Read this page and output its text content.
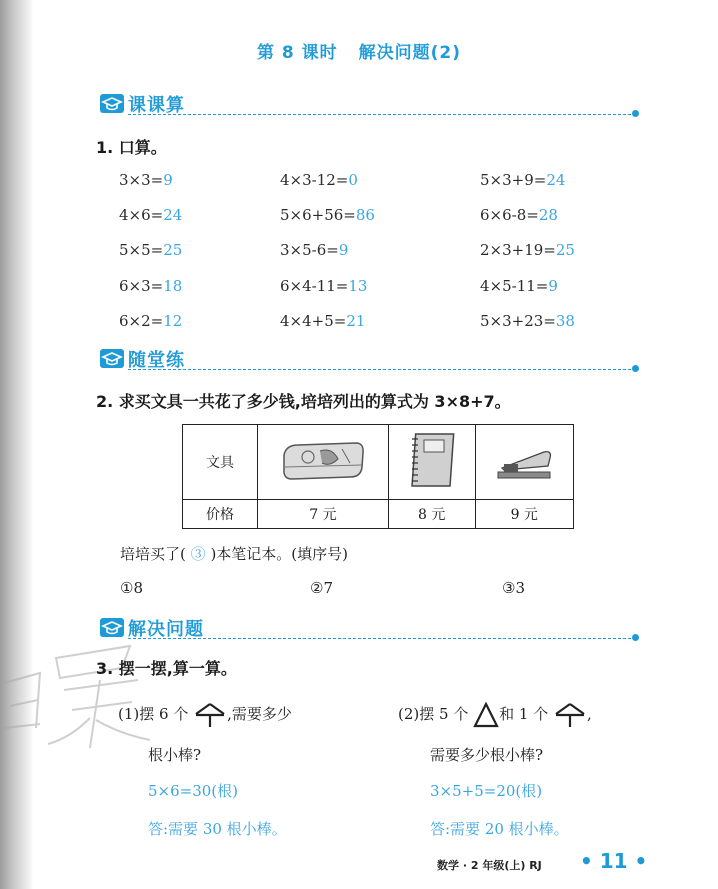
第 8 课时 解决问题(2)
课课算
1. 口算。
3×3=9	4×3-12=0	5×3+9=24
4×6=24	5×6+56=86	6×6-8=28
5×5=25	3×5-6=9	2×3+19=25
6×3=18	6×4-11=13	4×5-11=9
6×2=12	4×4+5=21	5×3+23=38
随堂练
2. 求买文具一共花了多少钱,培培列出的算式为 3×8+7。
文具			
价格	7 元	8 元	9 元
培培买了( ③ )本笔记本。(填序号)
①8	②7	③3
解决问题
3. 摆一摆,算一算。
(1)摆 6 个	,需要多少
根小棒?
5×6=30(根)
答:需要 30 根小棒。
(2)摆 5 个 和 1 个	,
需要多少根小棒?
3×5+5=20(根)
答:需要 20 根小棒。
数学 · 2 年级(上) RJ • 11 •
